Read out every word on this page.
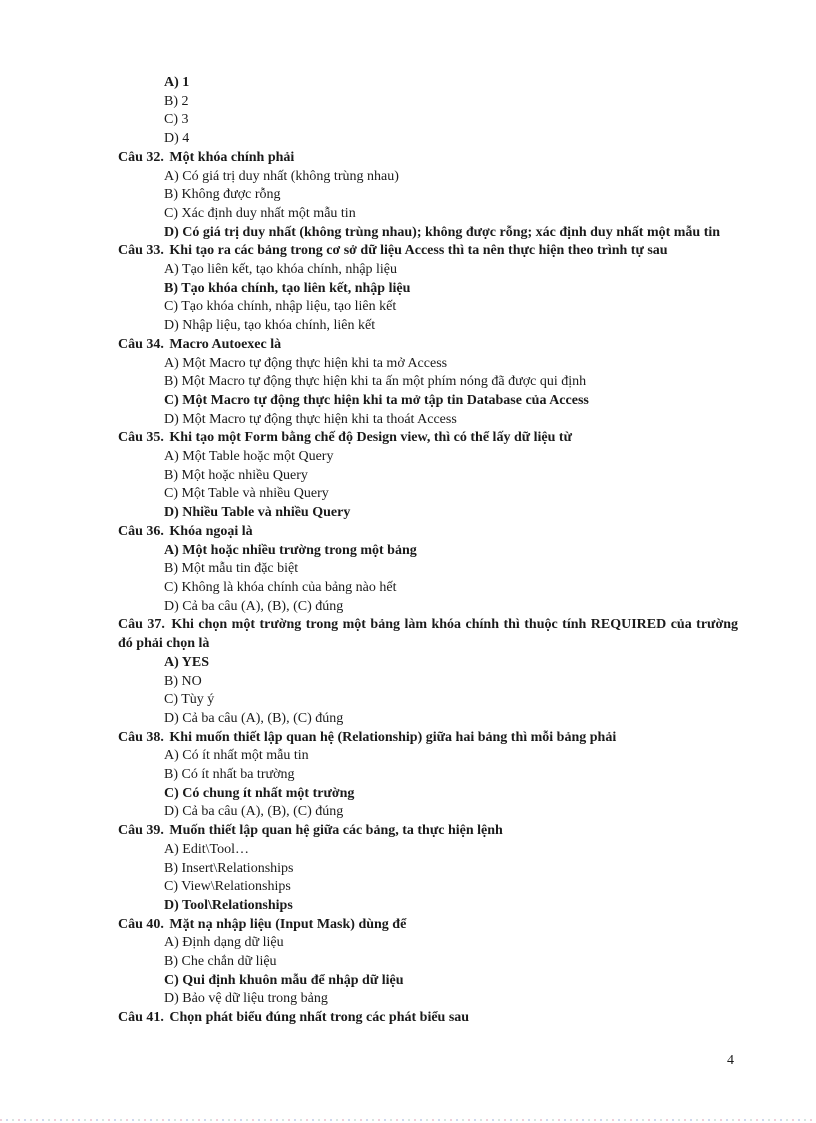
A) 1

B) 2

C) 3

D) 4

Câu 32. Một khóa chính phải

A) Có giá trị duy nhất (không trùng nhau)

B) Không được rỗng

C) Xác định duy nhất một mẫu tin

D) Có giá trị duy nhất (không trùng nhau); không được rỗng; xác định duy nhất một mẫu tin

Câu 33. Khi tạo ra các bảng trong cơ sở dữ liệu Access thì ta nên thực hiện theo trình tự sau

A) Tạo liên kết, tạo khóa chính, nhập liệu

B) Tạo khóa chính, tạo liên kết, nhập liệu

C) Tạo khóa chính, nhập liệu, tạo liên kết

D) Nhập liệu, tạo khóa chính, liên kết

Câu 34. Macro Autoexec là

A) Một Macro tự động thực hiện khi ta mở Access

B) Một Macro tự động thực hiện khi ta ấn một phím nóng đã được qui định

C) Một Macro tự động thực hiện khi ta mở tập tin Database của Access

D) Một Macro tự động thực hiện khi ta thoát Access

Câu 35. Khi tạo một Form bằng chế độ Design view, thì có thể lấy dữ liệu từ

A) Một Table hoặc một Query

B) Một hoặc nhiều Query

C) Một Table và nhiều Query

D) Nhiều Table và nhiều Query

Câu 36. Khóa ngoại là

A) Một hoặc nhiều trường trong một bảng

B) Một mẫu tin đặc biệt

C) Không là khóa chính của bảng nào hết

D) Cả ba câu (A), (B), (C) đúng

Câu 37. Khi chọn một trường trong một bảng làm khóa chính thì thuộc tính REQUIRED của trường đó phải chọn là

A) YES

B) NO

C) Tùy ý

D) Cả ba câu (A), (B), (C) đúng

Câu 38. Khi muốn thiết lập quan hệ (Relationship) giữa hai bảng thì mỗi bảng phải

A) Có ít nhất một mẫu tin

B) Có ít nhất ba trường

C) Có chung ít nhất một trường

D) Cả ba câu (A), (B), (C) đúng

Câu 39. Muốn thiết lập quan hệ giữa các bảng, ta thực hiện lệnh

A) Edit\Tool…

B) Insert\Relationships

C) View\Relationships

D) Tool\Relationships

Câu 40. Mặt nạ nhập liệu (Input Mask) dùng để

A) Định dạng dữ liệu

B) Che chắn dữ liệu

C) Qui định khuôn mẫu để nhập dữ liệu

D) Bảo vệ dữ liệu trong bảng

Câu 41. Chọn phát biểu đúng nhất trong các phát biểu sau

4
